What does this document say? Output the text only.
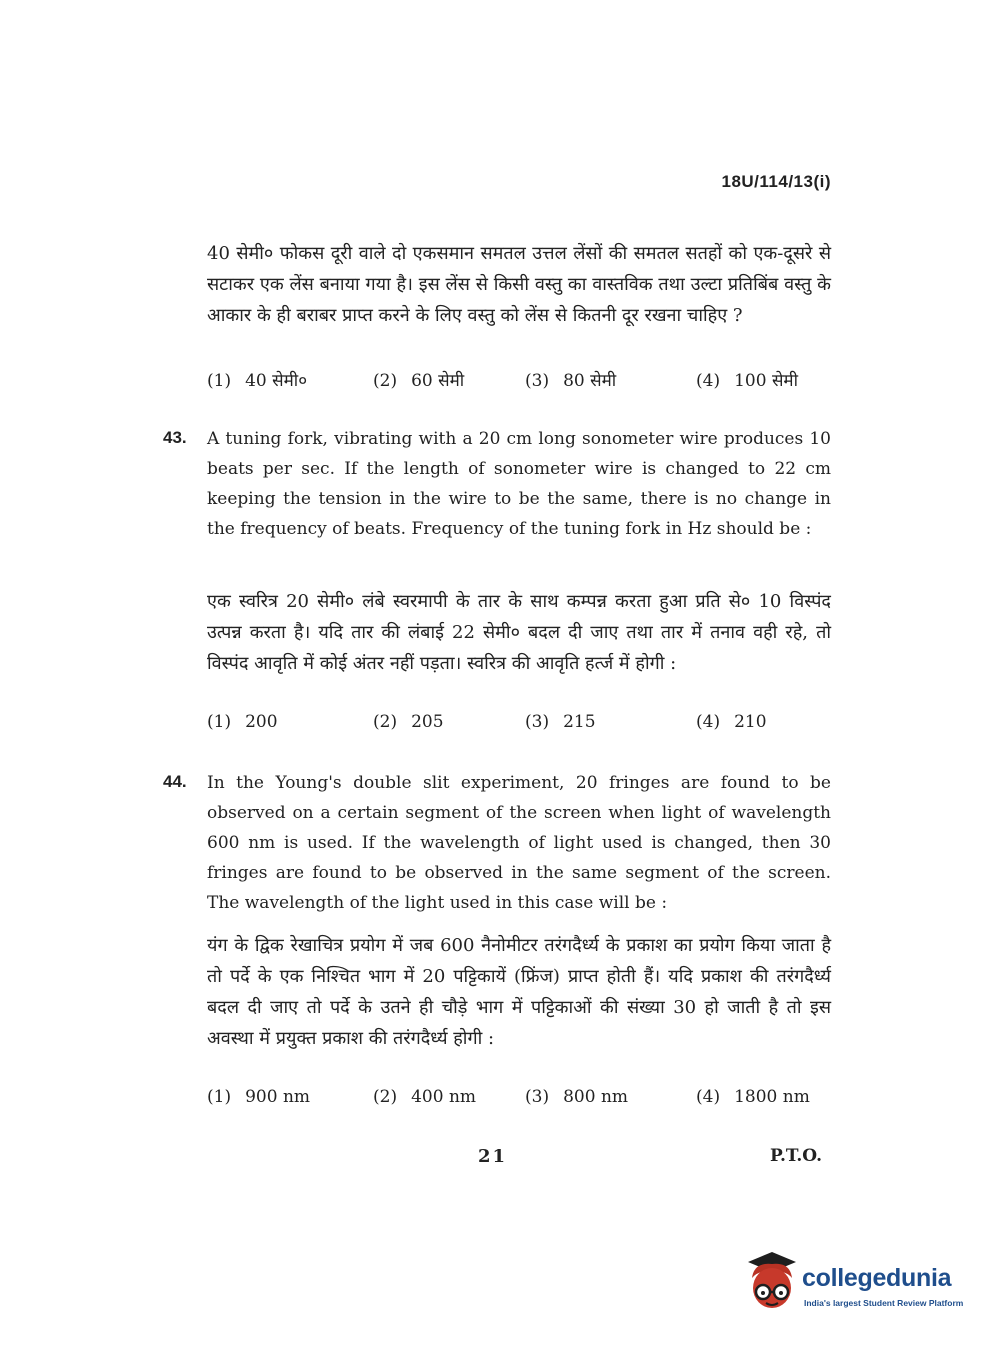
18U/114/13(i)

40 सेमी० फोकस दूरी वाले दो एकसमान समतल उत्तल लेंसों की समतल सतहों को एक-दूसरे से सटाकर एक लेंस बनाया गया है। इस लेंस से किसी वस्तु का वास्तविक तथा उल्टा प्रतिबिंब वस्तु के आकार के ही बराबर प्राप्त करने के लिए वस्तु को लेंस से कितनी दूर रखना चाहिए ?

(1) 40 सेमी०	(2) 60 सेमी	(3) 80 सेमी	(4) 100 सेमी
43. A tuning fork, vibrating with a 20 cm long sonometer wire produces 10 beats per sec. If the length of sonometer wire is changed to 22 cm keeping the tension in the wire to be the same, there is no change in the frequency of beats. Frequency of the tuning fork in Hz should be :

एक स्वरित्र 20 सेमी० लंबे स्वरमापी के तार के साथ कम्पन्न करता हुआ प्रति से० 10 विस्पंद उत्पन्न करता है। यदि तार की लंबाई 22 सेमी० बदल दी जाए तथा तार में तनाव वही रहे, तो विस्पंद आवृति में कोई अंतर नहीं पड़ता। स्वरित्र की आवृति हर्त्ज में होगी :

(1) 200	(2) 205	(3) 215	(4) 210
44. In the Young's double slit experiment, 20 fringes are found to be observed on a certain segment of the screen when light of wavelength 600 nm is used. If the wavelength of light used is changed, then 30 fringes are found to be observed in the same segment of the screen. The wavelength of the light used in this case will be :

यंग के द्विक रेखाचित्र प्रयोग में जब 600 नैनोमीटर तरंगदैर्ध्य के प्रकाश का प्रयोग किया जाता है तो पर्दे के एक निश्चित भाग में 20 पट्टिकायें (फ्रिंज) प्राप्त होती हैं। यदि प्रकाश की तरंगदैर्ध्य बदल दी जाए तो पर्दे के उतने ही चौड़े भाग में पट्टिकाओं की संख्या 30 हो जाती है तो इस अवस्था में प्रयुक्त प्रकाश की तरंगदैर्ध्य होगी :

(1) 900 nm	(2) 400 nm	(3) 800 nm	(4) 1800 nm
21	P.T.O.
collegedunia
India's largest Student Review Platform
